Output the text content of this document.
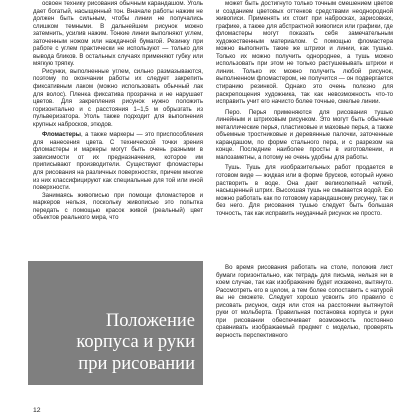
освоен технику рисования обычным карандашом. Уголь дает богатый, насыщенный тон. Вначале работы нажим не должен быть сильным, чтобы линии не получались слишком темными. В дальнейшем рисунок можно затемнить, усилив нажим. Тонкие линии выполняют углем, заточенным ножом или наждачной бумагой. Резинку при работе с углем практически не используют — только для вывода бликов. В остальных случаях применяют губку или мягкую тряпку.

Рисунки, выполненные углем, сильно размазываются, поэтому по окончании работы их следует закрепить фиксативным лаком (можно использовать обычный лак для волос). Пленка фиксатива прозрачна и не нарушает цветов. Для закрепления рисунок нужно положить горизонтально и с расстояния 1–1,5 м обрызгать из пульверизатора. Уголь также подходит для выполнения крупных набросков, этюдов.

Фломастеры, а также маркеры — это приспособления для нанесения цвета. С технической точки зрения фломастеры и маркеры могут быть очень разными в зависимости от их предназначения, которое им приписывают производители. Существуют фломастеры для рисования на различных поверхностях, причем многие из них классифицируют как специальные для той или иной поверхности.

Занимаясь живописью при помощи фломастеров и маркеров нельзя, поскольку живописью это попытка передать с помощью красок живой (реальный) цвет объектов реального мира, что

может быть достигнуто только точным смешением цветов и созданием цветовых оттенков средствами неоднородной живописи. Применять их стоит при набросках, зарисовках, графике, а также для абстрактной живописи или графики, где фломастеры могут показать себя замечательным художественным материалом. С помощью фломастера можно выполнить такие же штрихи и линии, как тушью. Только их можно получить однороднее, а тушь можно использовать при этом не только растушевывать штрихи и линии. Только их можно получить любой рисунок, выполненном фломастером, не получится — он подвергается стиранию резинкой. Однако это очень полезно для раскрепощения художника, так как невозможность что-то исправить учит его начисто более точные, смелые линии.

Перо. Перья применяются для рисования тушью линейным и штриховым рисунком. Это могут быть обычные металлические перья, пластиковые и маховые перья, а также объемные тростниковые и деревянные палочки, заточенные карандашом, по форме стального пера, и с разрезом на конце. Последние наиболее просты в изготовлении, и малозаметны, а потому не очень удобны для работы.

Тушь. Тушь для изобразительных работ продается в готовом виде — жидкая или в форме брусков, который нужно растворить в воде. Она дает великолепный четкий, насыщенный штрих. Высохшая тушь не смывается водой. Ею можно работать как по готовому карандашному рисунку, так и без него. Для рисования тушью следует быть большая точность, так как исправить неудачный рисунок не просто.

Положение корпуса и руки при рисовании

Во время рисования работать на столе, положив лист бумаги горизонтально, как тетрадь для письма, нельзя ни в коем случае, так как изображение будет искажено, вытянуто. Рассмотреть его в целом, а тем более сопоставить с натурой вы не сможете. Следует хорошо усвоить это правило с рисовать рисунок, сидя или стоя на расстоянии вытянутой руки от мольберта. Правильная постановка корпуса и руки при рисовании обеспечивает возможность постоянно сравнивать изображаемый предмет с моделью, проверять верность перспективного

12
